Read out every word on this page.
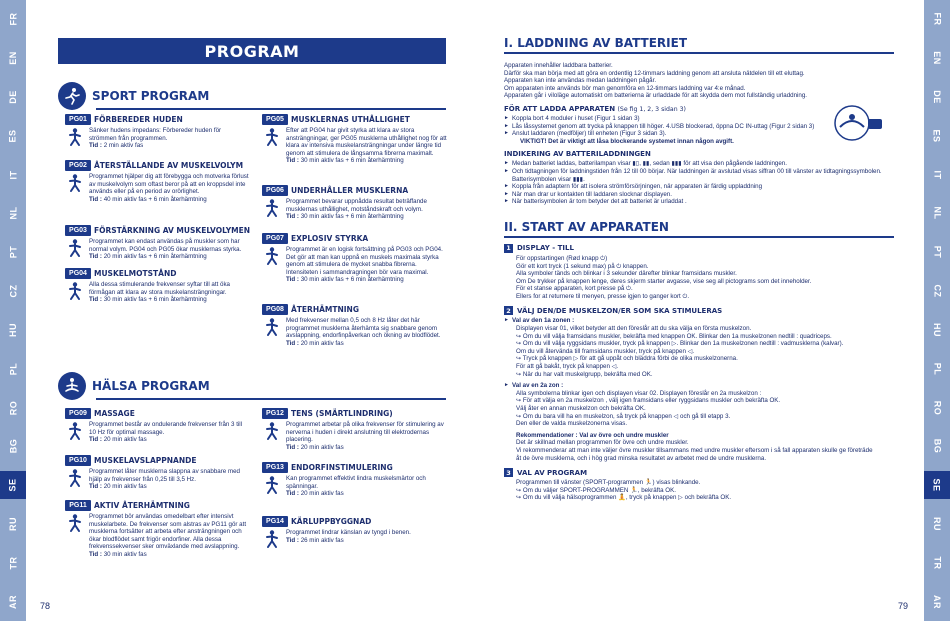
FR
EN
DE
ES
IT
NL
PT
CZ
HU
PL
RO
BG
SE
RU
TR
AR
FR
EN
DE
ES
IT
NL
PT
CZ
HU
PL
RO
BG
SE
RU
TR
AR
78	79
PROGRAM
SPORT PROGRAM
PG01 FÖRBEREDER HUDEN
Sänker hudens impedans: Förbereder huden för strömmen från programmen.
Tid : 2 min aktiv fas
PG02 ÅTERSTÄLLANDE AV MUSKELVOLYM
Programmet hjälper dig att förebygga och motverka förlust av muskelvolym som oftast beror på att en kroppsdel inte används eller på en period av orörlighet.
Tid : 40 min aktiv fas + 6 min återhämtning
PG03 FÖRSTÄRKNING AV MUSKELVOLYMEN
Programmet kan endast användas på muskler som har normal volym. PG04 och PG05 ökar musklernas styrka.
Tid : 20 min aktiv fas + 6 min återhämtning
PG04 MUSKELMOTSTÅND
Alla dessa stimulerande frekvenser syftar till att öka förmågan att klara av stora muskelansträngningar.
Tid : 30 min aktiv fas + 6 min återhämtning
PG05 MUSKLERNAS UTHÅLLIGHET
Efter att PG04 har givit styrka att klara av stora ansträngningar, ger PG05 musklerna uthållighet nog för att klara av intensiva muskelansträngningar under längre tid genom att stimulera de långsamma fibrerna maximalt.
Tid : 30 min aktiv fas + 6 min återhämtning
PG06 UNDERHÅLLER MUSKLERNA
Programmet bevarar uppnådda resultat beträffande musklernas uthållighet, motståndskraft och volym.
Tid : 30 min aktiv fas + 6 min återhämtning
PG07 EXPLOSIV STYRKA
Programmet är en logisk fortsättning på PG03 och PG04. Det gör att man kan uppnå en muskels maximala styrka genom att stimulera de mycket snabba fibrerna. Intensiteten i sammandragningen bör vara maximal.
Tid : 30 min aktiv fas + 6 min återhämtning
PG08 ÅTERHÄMTNING
Med frekvenser mellan 0,5 och 8 Hz låter det här programmet musklerna återhämta sig snabbare genom avslappning, endorfinpåverkan och ökning av blodflödet.
Tid : 20 min aktiv fas
HÄLSA PROGRAM
PG09 MASSAGE
Programmet består av ondulerande frekvenser från 3 till 10 Hz för optimal massage.
Tid : 20 min aktiv fas
PG10 MUSKELAVSLAPPNANDE
Programmet låter musklerna slappna av snabbare med hjälp av frekvenser från 0,25 till 3,5 Hz.
Tid : 20 min aktiv fas
PG11 AKTIV ÅTERHÄMTNING
Programmet bör användas omedelbart efter intensivt muskelarbete. De frekvenser som alstras av PG11 gör att musklerna fortsätter att arbeta efter ansträngningen och ökar blodflödet samt frigör endorfiner. Alla dessa frekvenssekvenser sker omväxlande med avslappning.
Tid : 30 min aktiv fas
PG12 TENS (SMÄRTLINDRING)
Programmet arbetar på olika frekvenser för stimulering av nerverna i huden i direkt anslutning till elektrodernas placering.
Tid : 20 min aktiv fas
PG13 ENDORFINSTIMULERING
Kan programmet effektivt lindra muskelsmärtor och spänningar.
Tid : 20 min aktiv fas
PG14 KÄRLUPPBYGGNAD
Programmet lindrar känslan av tyngd i benen.
Tid : 26 min aktiv fas
I. LADDNING AV BATTERIET
Apparaten innehåller laddbara batterier.
Därför ska man börja med att göra en ordentlig 12-timmars laddning genom att ansluta nätdelen till ett eluttag.
Apparaten kan inte användas medan laddningen pågår.
Om apparaten inte används bör man genomföra en 12-timmars laddning var 4:e månad.
Apparaten går i viloläge automatiskt om batterierna är urladdade för att skydda dem mot fullständig urladdning.
FÖR ATT LADDA APPARATEN (Se fig 1, 2, 3 sidan 3)
► Koppla bort 4 moduler i huset (Figur 1 sidan 3)
► Lås låssystemet genom att trycka på knappen till höger. 4.USB blockerad, öppna DC IN-uttag (Figur 2 sidan 3)
► Anslut laddaren (medföljer) till enheten (Figur 3 sidan 3).
VIKTIGT! Det är viktigt att låsa blockerande systemet innan någon avgift.
INDIKERING AV BATTERILADDNINGEN
► Medan batteriet laddas, batterilampan visar ▮▯, ▮▮, sedan ▮▮▮ för att visa den pågående laddningen.
► Och tidtagningen för laddningstiden från 12 till 00 börjar. När laddningen är avslutad visas siffran 00 till vänster av tidtagningssymbolen. Batterisymbolen visar ▮▮▮.
► Koppla från adaptern för att isolera strömförsörjningen, när apparaten är färdig uppladdning
► När man drar ur kontakten till laddaren slocknar displayen.
► När batterisymbolen är tom betyder det att batteriet är urladdat .
II. START AV APPARATEN
1 DISPLAY - TILL
För oppstartingen (Rød knapp ⏻)
Gör ett kort tryck (1 sekund max) på ⏻ knappen.
Alla symboler tänds och blinkar i 3 sekunder därefter blinkar framsidans muskler.
Om De trykker på knappen lenge, deres skjerm starter avgasse, vise seg all pictograms som det inneholder.
För et stanse apparaten, kort presse på ⏻.
Ellers for at returnere til menyen, presse igjen to ganger kort ⏻.
2 VÄLJ DEN/DE MUSKELZON/ER SOM SKA STIMULERAS
► Val av den 1a zonen :
Displayen visar 01, vilket betyder att den föreslår att du ska välja en första muskelzon.
↪ Om du vill välja framsidans muskler, bekräfta med knappen OK. Blinkar den 1a muskelzonen nedtill : quadriceps.
↪ Om du vill välja ryggsidans muskler, tryck på knappen ▷. Blinkar den 1a muskelzonen nedtill : vadmusklerna (kalvar).
Om du vill återvända till framsidans muskler, tryck på knappen ◁.
↪ Tryck på knappen ▷ för att gå uppåt och bläddra förbi de olika muskelzonerna.
För att gå bakåt, tryck på knappen ◁.
↪ När du har valt muskelgrupp, bekräfta med OK.
► Val av en 2a zon :
Alla symbolerna blinkar igen och displayen visar 02. Displayen föreslår en 2a muskelzon :
↪ För att välja en 2a muskelzon , välj igen framsidans eller ryggsidans muskler och bekräfta OK.
Välj åter en annan muskelzon och bekräfta OK.
↪ Om du bara vill ha en muskelzon, så tryck på knappen ◁ och gå till etapp 3.
Den eller de valda muskelzonerna visas.
Rekommendationer : Val av övre och undre muskler
Det är skillnad mellan programmen för övre och undre muskler.
Vi rekommenderar att man inte väljer övre muskler tillsammans med undre muskler eftersom i så fall apparaten skulle ge företräde
åt de övre musklerna, och i hög grad minska resultatet av arbetet med de undre musklerna.
3 VAL AV PROGRAM
Programmen till vänster (SPORT-programmen 🏃) visas blinkande.
↪ Om du väljer SPORT-PROGRAMMEN 🏃, bekräfta OK.
↪ Om du vill välja hälsoprogrammen 🧘, tryck på knappen ▷ och bekräfta OK.
